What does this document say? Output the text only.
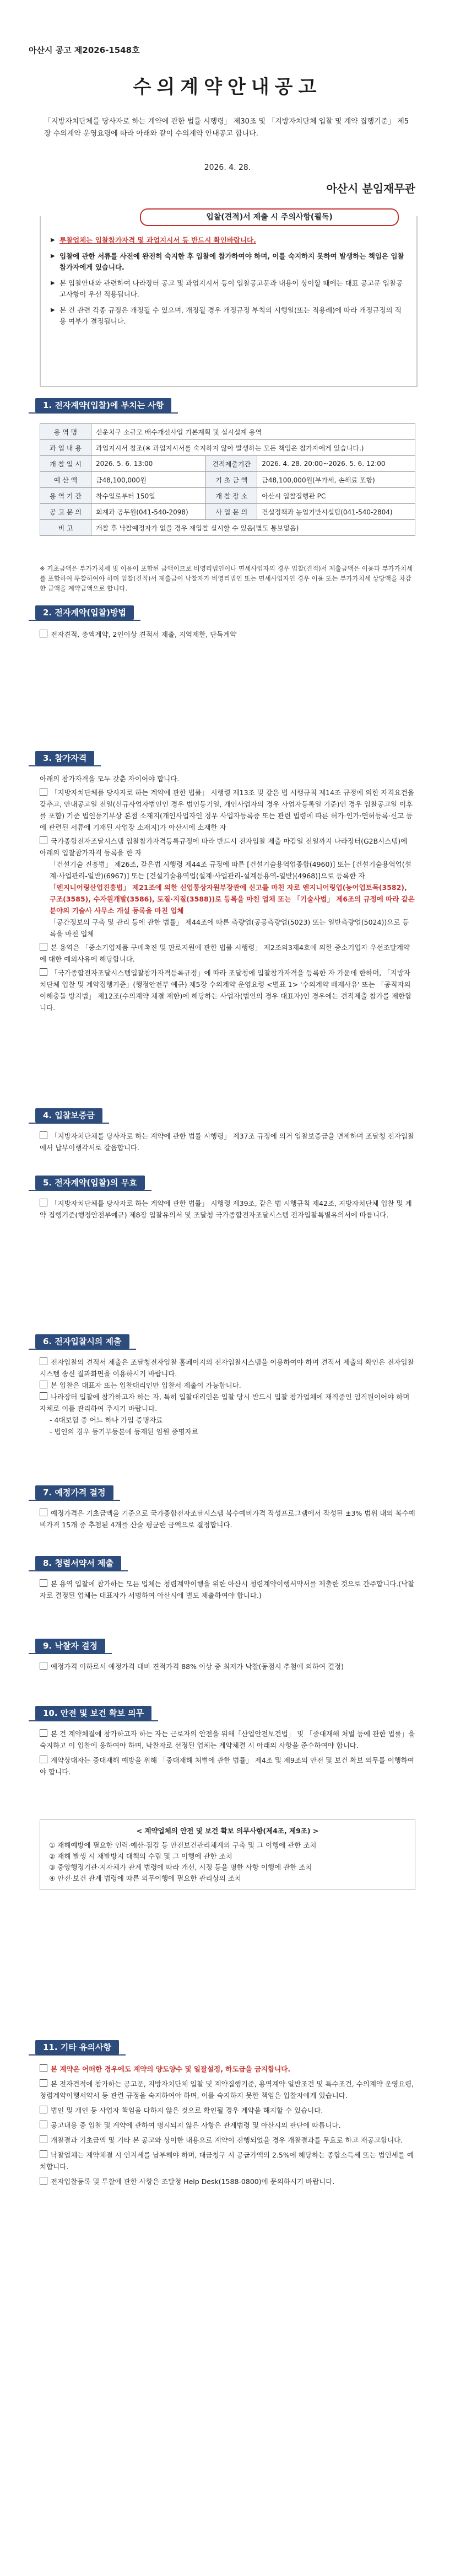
아산시 공고 제2026-1548호
수의계약안내공고
「지방자치단체를 당사자로 하는 계약에 관한 법률 시행령」 제30조 및 「지방자치단체 입찰 및 계약 집행기준」 제5장 수의계약 운영요령에 따라 아래와 같이 수의계약 안내공고 합니다.
2026. 4. 28.
아산시 분임재무관
입찰(견적)서 제출 시 주의사항(필독)
▶ 투찰업체는 입찰참가자격 및 과업지시서 등 반드시 확인바랍니다.
▶ 입찰에 관한 서류를 사전에 완전히 숙지한 후 입찰에 참가하여야 하며, 이를 숙지하지 못하여 발생하는 책임은 입찰참가자에게 있습니다.
▶ 본 입찰안내와 관련하여 나라장터 공고 및 과업지시서 등이 입찰공고문과 내용이 상이할 때에는 대표 공고문 입찰공고사항이 우선 적용됩니다.
▶ 본 건 관련 각종 규정은 개정될 수 있으며, 개정될 경우 개정규정 부칙의 시행일(또는 적용례)에 따라 개정규정의 적용 여부가 결정됩니다.
1. 전자계약(입찰)에 부치는 사항
용 역 명	신운치구 소규모 배수개선사업 기본계획 및 실시설계 용역		
과 업 내 용	과업지시서 참조(※ 과업지시서를 숙지하지 않아 발생하는 모든 책임은 참가자에게 있습니다.)		
개 찰 일 시	2026. 5. 6. 13:00	견적제출기간	2026. 4. 28. 20:00~2026. 5. 6. 12:00
예 산 액	금48,100,000원	기 초 금 액	금48,100,000원(부가세, 손해료 포함)
용 역 기 간	착수일로부터 150일	개 찰 장 소	아산시 입찰집행관 PC
공 고 문 의	회계과 공무원(041-540-2098)	사 업 문 의	건설정책과 농업기반시설팀(041-540-2804)
비 고	개찰 후 낙찰예정자가 없을 경우 재입찰 실시할 수 있음(별도 통보없음)		
※ 기초금액은 부가가치세 및 이윤이 포함된 금액이므로 비영리법인이나 면세사업자의 경우 입찰(견적)서 제출금액은 이윤과 부가가치세를 포함하여 투찰하여야 하며 입찰(견적)서 제출금이 낙찰자가 비영리법인 또는 면세사업자인 경우 이윤 또는 부가가치세 상당액을 차감한 금액을 계약금액으로 합니다.
2. 전자계약(입찰)방법
전자견적, 총액계약, 2인이상 견적서 제출, 지역제한, 단독계약
3. 참가자격
아래의 참가자격을 모두 갖춘 자이어야 합니다.
「지방자치단체를 당사자로 하는 계약에 관한 법률」 시행령 제13조 및 같은 법 시행규칙 제14조 규정에 의한 자격요건을 갖추고, 안내공고일 전일(신규사업자법인인 경우 법인등기일, 개인사업자의 경우 사업자등록일 기준)인 경우 입찰공고일 이후를 포함) 기준 법인등기부상 본점 소재지(개인사업자인 경우 사업자등록증 또는 관련 법령에 따른 허가·인가·면허등록·신고 등에 관련된 서류에 기재된 사업장 소재지)가 아산시에 소재한 자
국가종합전자조달시스템 입찰참가자격등록규정에 따라 반드시 전자입찰 제출 마감일 전일까지 나라장터(G2B시스템)에 아래의 입찰참가자격 등록을 한 자
「건설기술 진흥법」 제26조, 같은법 시행령 제44조 규정에 따른 [건설기술용역업종합(4960)] 또는 [건설기술용역업(설계·사업관리-일반)(6967)] 또는 [건설기술용역업(설계·사업관리-설계등용역-일반)(4968)]으로 등록한 자
「엔지니어링산업진흥법」 제21조에 의한 신업통상자원부장관에 신고를 마친 자로 엔지니어링업(농어업토목(3582), 구조(3585), 수자원개발(3586), 토질·지질(3588))로 등록을 마친 업체 또는 「기술사법」 제6조의 규정에 따라 같은 분야의 기술사 사무소 개설 등록을 마친 업체
「공간정보의 구축 및 관리 등에 관한 법률」 제44조에 따른 측량업(공공측량업(5023) 또는 일반측량업(5024))으로 등록을 마친 업체
본 용역은 「중소기업제품 구매촉진 및 판로지원에 관한 법률 시행령」 제2조의3제4호에 의한 중소기업자 우선조달계약에 대한 예외사유에 해당합니다.
「국가종합전자조달시스템입찰참가자격등록규정」에 따라 조달청에 입찰참가자격을 등록한 자 가운데 한하며, 「지방자치단체 입찰 및 계약집행기준」(행정안전부 예규) 제5장 수의계약 운영요령 <별표 1> '수의계약 배제사유' 또는 「공직자의 이해충돌 방지법」 제12조(수의계약 체결 제한)에 해당하는 사업자(법인의 경우 대표자)인 경우에는 견적제출 참가를 제한합니다.
4. 입찰보증금
「지방자치단체를 당사자로 하는 계약에 관한 법률 시행령」 제37조 규정에 의거 입찰보증금을 면제하며 조달청 전자입찰에서 납부이행각서로 갈음합니다.
5. 전자계약(입찰)의 무효
「지방자치단체를 당사자로 하는 계약에 관한 법률」 시행령 제39조, 같은 법 시행규칙 제42조, 지방자치단체 입찰 및 계약 집행기준(행정안전부예규) 제8장 입찰유의서 및 조달청 국가종합전자조달시스템 전자입찰특별유의서에 따릅니다.
6. 전자입찰시의 제출
전자입찰의 견적서 제출은 조달청전자입찰 홈페이지의 전자입찰시스템을 이용하여야 하며 견적서 제출의 확인은 전자입찰시스템 송신 결과화면을 이용하시기 바랍니다.
본 입찰은 대표자 또는 입찰대리인만 입찰서 제출이 가능합니다.
나라장터 입찰에 참가하고자 하는 자, 특히 입찰대리인은 입찰 당시 반드시 입찰 참가업체에 재직중인 임직원이어야 하며 자체로 이를 관리하여 주시기 바랍니다.
- 4대보험 중 어느 하나 가입 증명자료
- 법인의 경우 등기부등본에 등재된 임원 증명자료
7. 예정가격 결정
예정가격은 기초금액을 기준으로 국가종합전자조달시스템 복수예비가격 작성프로그램에서 작성된 ±3% 범위 내의 복수예비가격 15개 중 추첨된 4개를 산술 평균한 금액으로 결정합니다.
8. 청렴서약서 제출
본 용역 입찰에 참가하는 모든 업체는 청렴계약이행을 위한 아산시 청렴계약이행서약서를 제출한 것으로 간주합니다.(낙찰자로 결정된 업체는 대표자가 서명하여 아산시에 별도 제출하여야 합니다.)
9. 낙찰자 결정
예정가격 이하로서 예정가격 대비 견적가격 88% 이상 중 최저가 낙찰(동점시 추첨에 의하여 결정)
10. 안전 및 보건 확보 의무
본 건 계약체결에 참가하고자 하는 자는 근로자의 안전을 위해「산업안전보건법」 및 「중대재해 처벌 등에 관한 법률」을 숙지하고 이 입찰에 응하여야 하며, 낙찰자로 선정된 업체는 계약체결 시 아래의 사항을 준수하여야 합니다.
계약상대자는 중대재해 예방을 위해 「중대재해 처벌에 관한 법률」 제4조 및 제9조의 안전 및 보건 확보 의무를 이행하여야 합니다.
< 계약업체의 안전 및 보건 확보 의무사항(제4조, 제9조) >
① 재해예방에 필요한 인력·예산·점검 등 안전보건관리체계의 구축 및 그 이행에 관한 조치
② 재해 발생 시 재발방지 대책의 수립 및 그 이행에 관한 조치
③ 중앙행정기관·지자체가 관계 법령에 따라 개선, 시정 등을 명한 사항 이행에 관한 조치
④ 안전·보건 관계 법령에 따른 의무이행에 필요한 관리상의 조치
11. 기타 유의사항
본 계약은 어떠한 경우에도 계약의 양도양수 및 일괄설정, 하도급을 금지합니다.
본 전자견적에 참가하는 공고문, 지방자치단체 입찰 및 계약집행기준, 용역계약 일반조건 및 특수조건, 수의계약 운영요령, 청렴계약이행서약서 등 관련 규정을 숙지하여야 하며, 이를 숙지하지 못한 책임은 입찰자에게 있습니다.
법인 및 개인 등 사업자 책임을 다하지 않은 것으로 확인될 경우 계약을 해지할 수 있습니다.
공고내용 중 입찰 및 계약에 관하여 명시되지 않은 사항은 관계법령 및 아산시의 판단에 따릅니다.
개찰결과 기초금액 및 기타 본 공고와 상이한 내용으로 계약이 진행되었을 경우 개찰결과를 무효로 하고 재공고합니다.
낙찰업체는 계약체결 시 인지세를 납부해야 하며, 대금청구 시 공급가액의 2.5%에 해당하는 종합소득세 또는 법인세를 예치합니다.
전자입찰등록 및 투찰에 관한 사항은 조달청 Help Desk(1588-0800)에 문의하시기 바랍니다.
